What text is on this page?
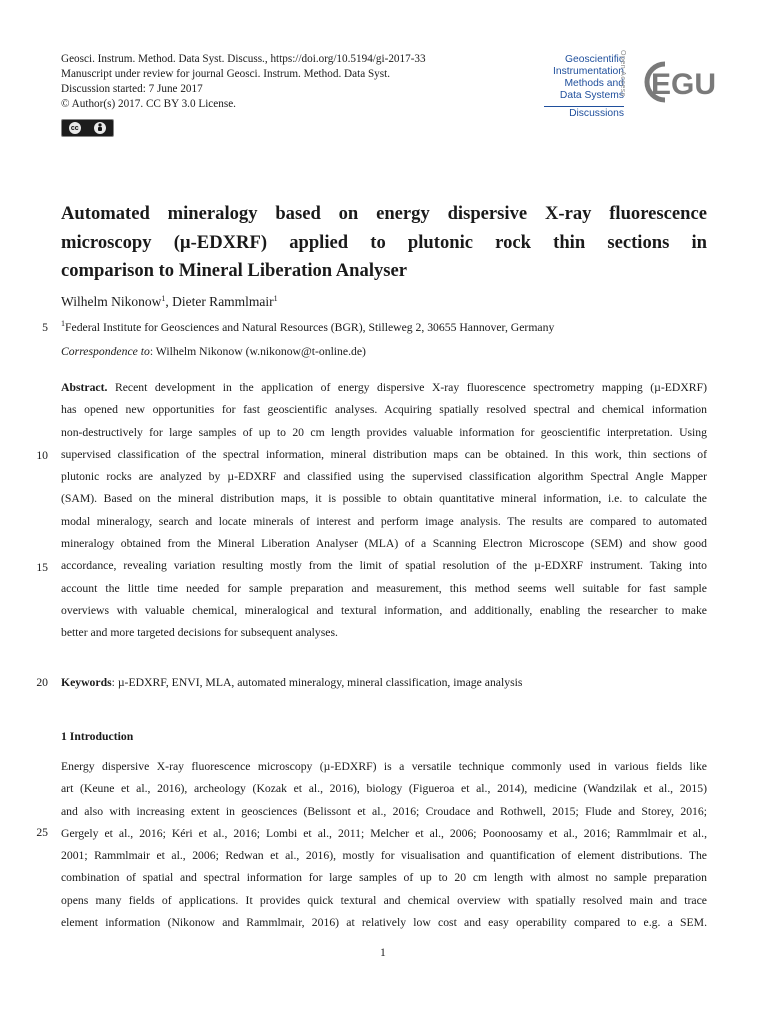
Geosci. Instrum. Method. Data Syst. Discuss., https://doi.org/10.5194/gi-2017-33
Manuscript under review for journal Geosci. Instrum. Method. Data Syst.
Discussion started: 7 June 2017
© Author(s) 2017. CC BY 3.0 License.
cc
Geoscientific
Instrumentation
Methods and
Data Systems
Discussions
Open Access EGU
Automated mineralogy based on energy dispersive X-ray fluorescence
microscopy (µ-EDXRF) applied to plutonic rock thin sections in
comparison to Mineral Liberation Analyser
Wilhelm Nikonow$^1$, Dieter Rammlmair$^1$
5 $^1$Federal Institute for Geosciences and Natural Resources (BGR), Stilleweg 2, 30655 Hannover, Germany
Correspondence to: Wilhelm Nikonow (w.nikonow@t-online.de)
10
15
Abstract. Recent development in the application of energy dispersive X-ray fluorescence spectrometry mapping (µ-EDXRF)
has opened new opportunities for fast geoscientific analyses. Acquiring spatially resolved spectral and chemical information
non-destructively for large samples of up to 20 cm length provides valuable information for geoscientific interpretation. Using
supervised classification of the spectral information, mineral distribution maps can be obtained. In this work, thin sections of
plutonic rocks are analyzed by µ-EDXRF and classified using the supervised classification algorithm Spectral Angle Mapper
(SAM). Based on the mineral distribution maps, it is possible to obtain quantitative mineral information, i.e. to calculate the
modal mineralogy, search and locate minerals of interest and perform image analysis. The results are compared to automated
mineralogy obtained from the Mineral Liberation Analyser (MLA) of a Scanning Electron Microscope (SEM) and show good
accordance, revealing variation resulting mostly from the limit of spatial resolution of the µ-EDXRF instrument. Taking into
account the little time needed for sample preparation and measurement, this method seems well suitable for fast sample
overviews with valuable chemical, mineralogical and textural information, and additionally, enabling the researcher to make
better and more targeted decisions for subsequent analyses.
20 Keywords: µ-EDXRF, ENVI, MLA, automated mineralogy, mineral classification, image analysis
1 Introduction
25
Energy dispersive X-ray fluorescence microscopy (µ-EDXRF) is a versatile technique commonly used in various fields like
art (Keune et al., 2016), archeology (Kozak et al., 2016), biology (Figueroa et al., 2014), medicine (Wandzilak et al., 2015)
and also with increasing extent in geosciences (Belissont et al., 2016; Croudace and Rothwell, 2015; Flude and Storey, 2016;
Gergely et al., 2016; Kéri et al., 2016; Lombi et al., 2011; Melcher et al., 2006; Poonoosamy et al., 2016; Rammlmair et al.,
2001; Rammlmair et al., 2006; Redwan et al., 2016), mostly for visualisation and quantification of element distributions. The
combination of spatial and spectral information for large samples of up to 20 cm length with almost no sample preparation
opens many fields of applications. It provides quick textural and chemical overview with spatially resolved main and trace
element information (Nikonow and Rammlmair, 2016) at relatively low cost and easy operability compared to e.g. a SEM.
1
